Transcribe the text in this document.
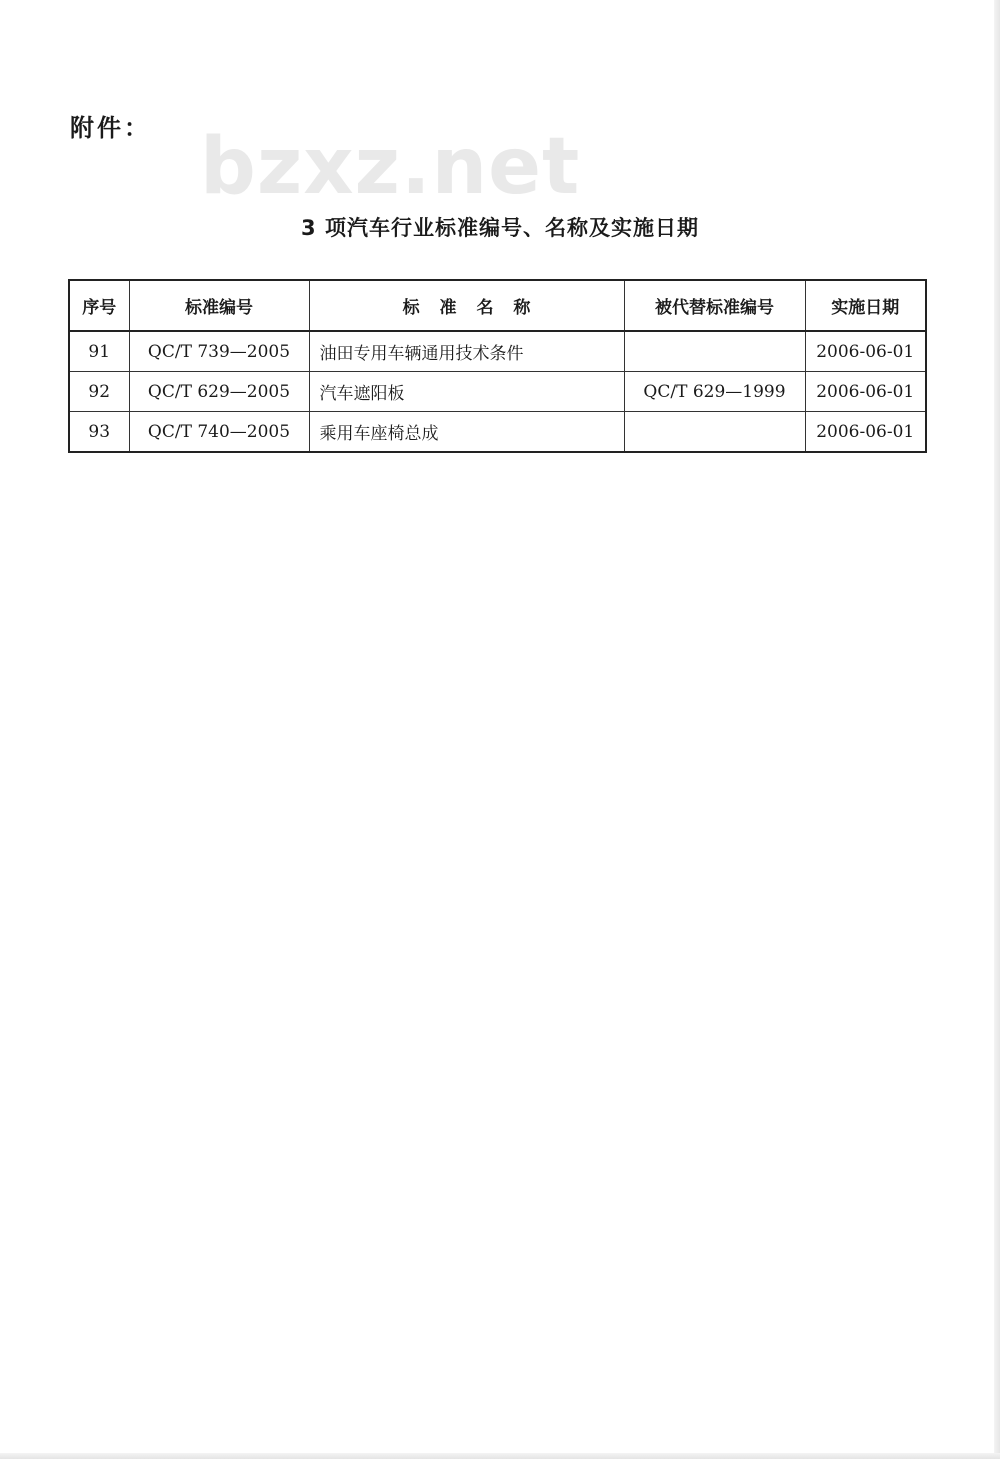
附件： bzxz.net
3 项汽车行业标准编号、名称及实施日期
序号	标准编号	标 准 名 称	被代替标准编号	实施日期
91	QC/T 739—2005	油田专用车辆通用技术条件		2006-06-01
92	QC/T 629—2005	汽车遮阳板	QC/T 629—1999	2006-06-01
93	QC/T 740—2005	乘用车座椅总成		2006-06-01
